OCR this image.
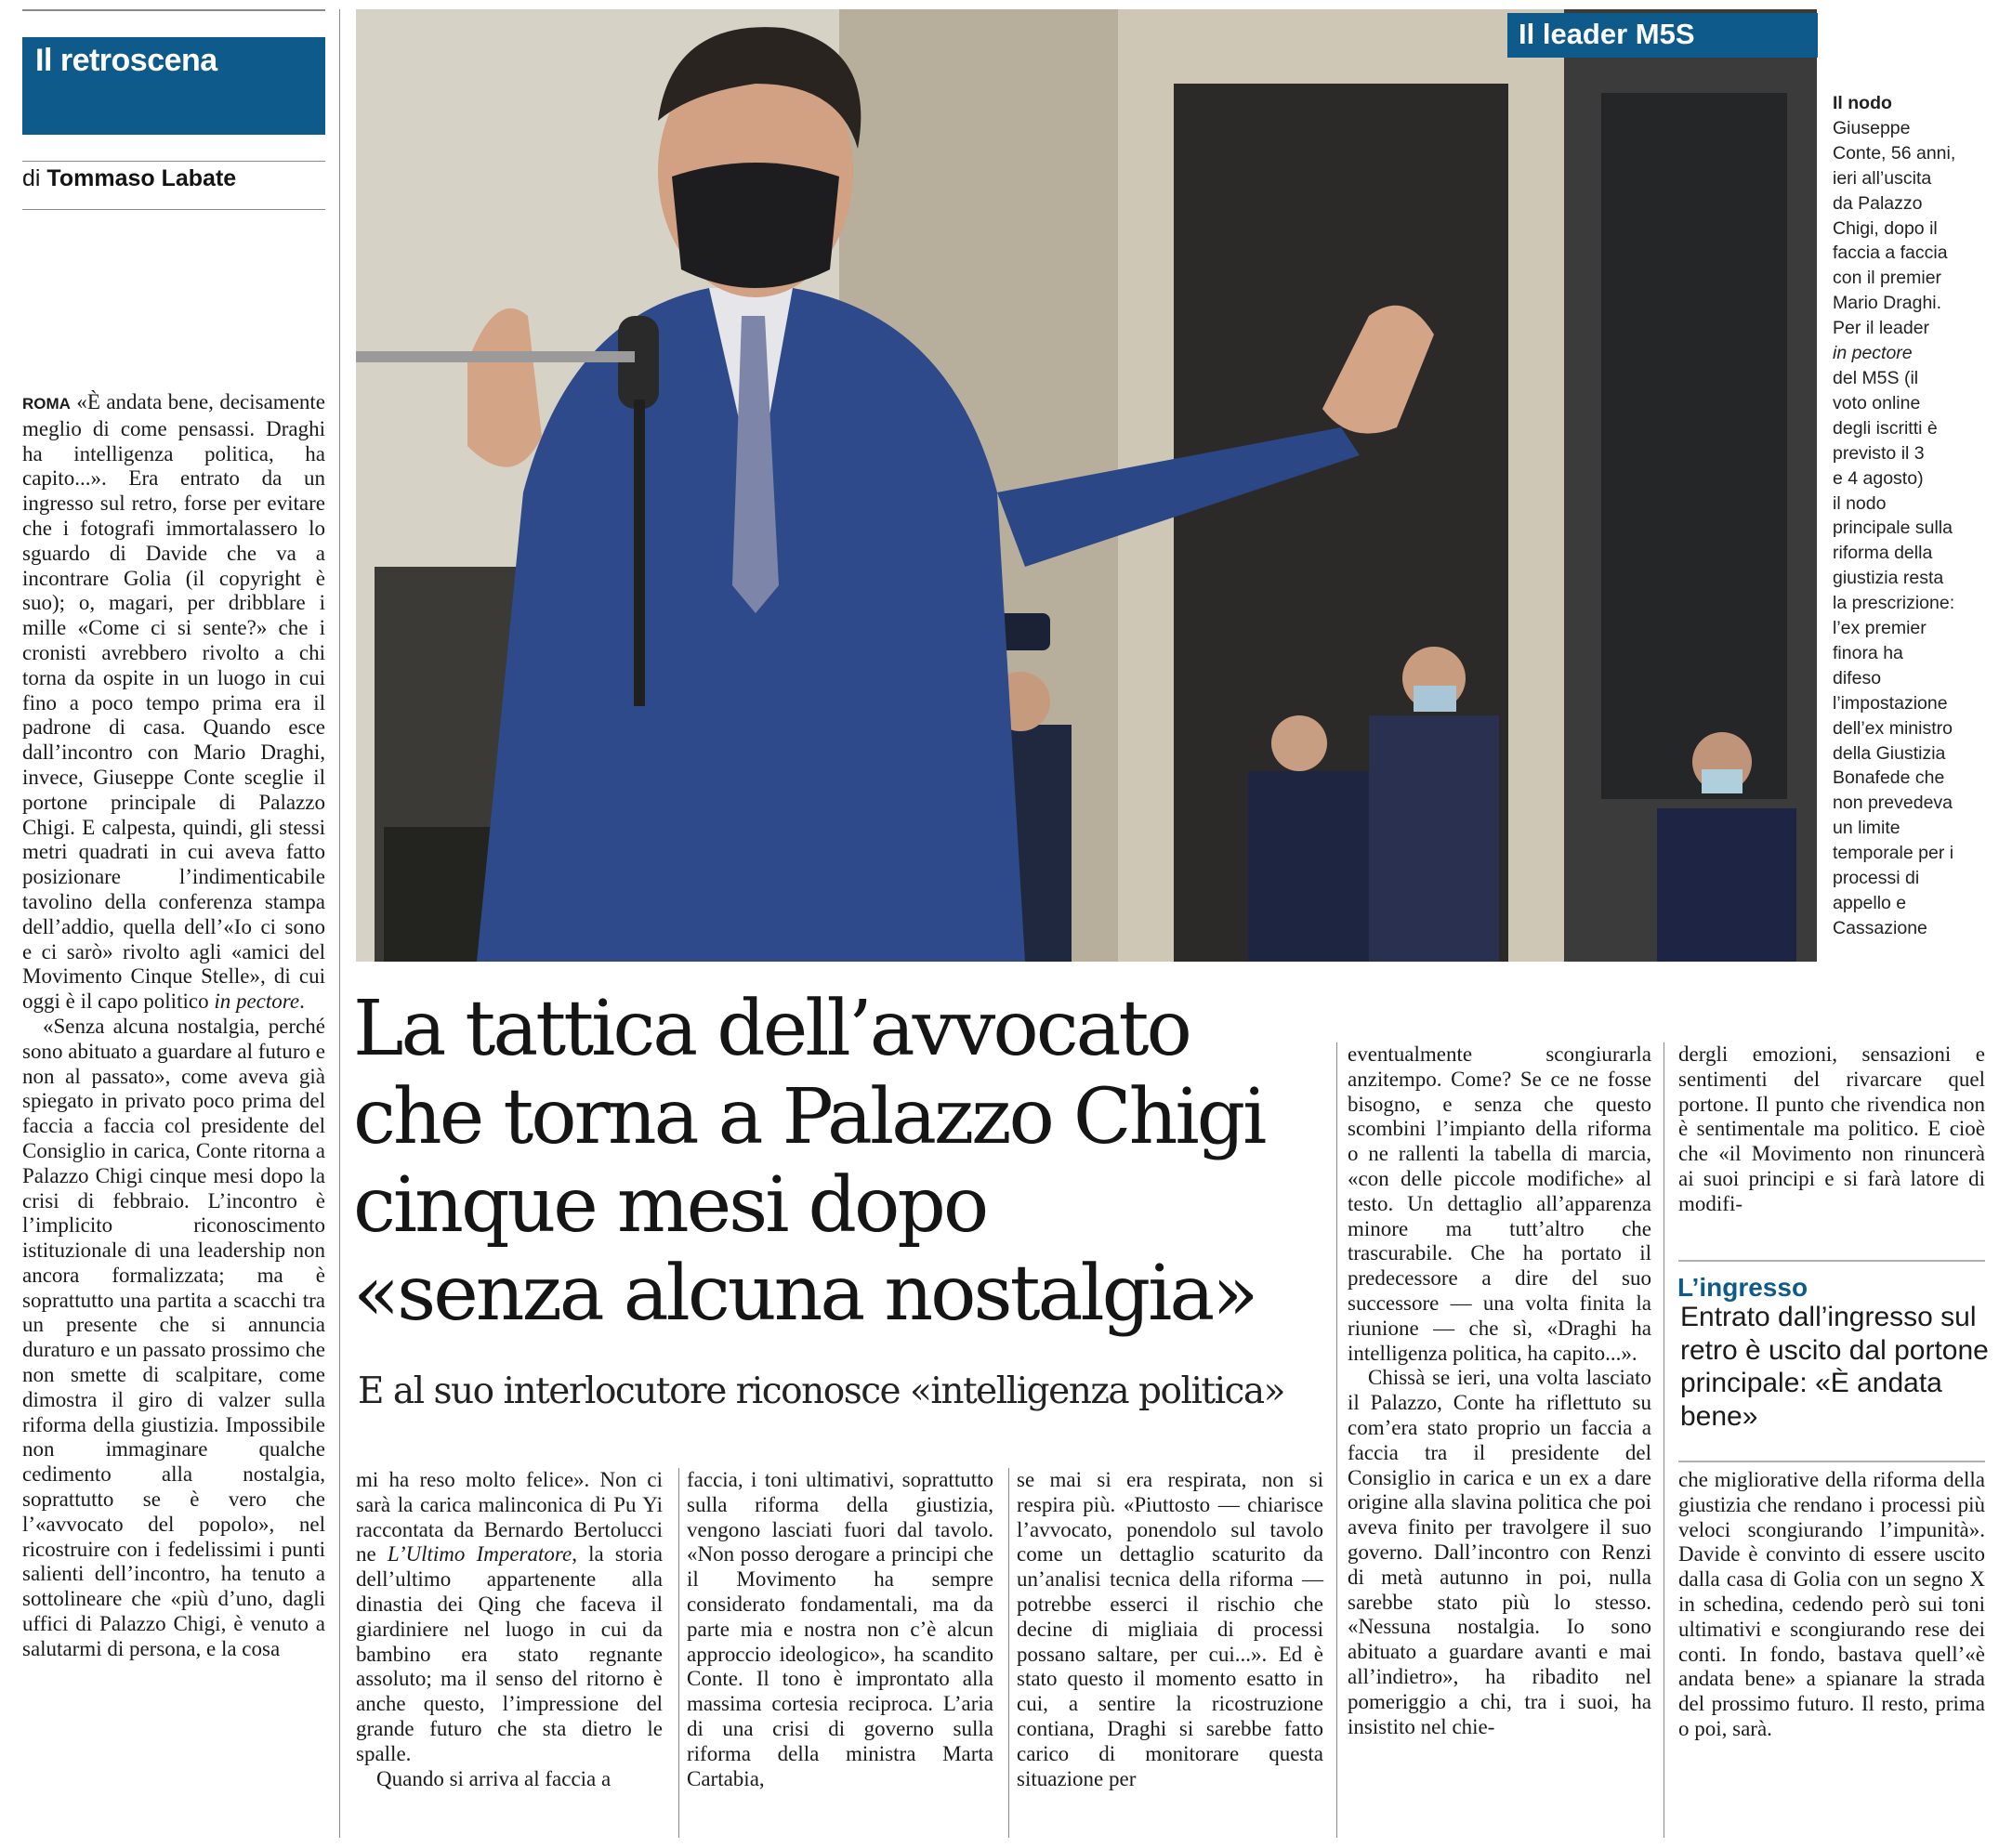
Il retroscena
di Tommaso Labate

ROMA «È andata bene, decisamente meglio di come pensassi. Draghi ha intelligenza politica, ha capito...». Era entrato da un ingresso sul retro, forse per evitare che i fotografi immortalassero lo sguardo di Davide che va a incontrare Golia (il copyright è suo); o, magari, per dribblare i mille «Come ci si sente?» che i cronisti avrebbero rivolto a chi torna da ospite in un luogo in cui fino a poco tempo prima era il padrone di casa. Quando esce dall’incontro con Mario Draghi, invece, Giuseppe Conte sceglie il portone principale di Palazzo Chigi. E calpesta, quindi, gli stessi metri quadrati in cui aveva fatto posizionare l’indimenticabile tavolino della conferenza stampa dell’addio, quella dell’«Io ci sono e ci sarò» rivolto agli «amici del Movimento Cinque Stelle», di cui oggi è il capo politico in pectore.

«Senza alcuna nostalgia, perché sono abituato a guardare al futuro e non al passato», come aveva già spiegato in privato poco prima del faccia a faccia col presidente del Consiglio in carica, Conte ritorna a Palazzo Chigi cinque mesi dopo la crisi di febbraio. L’incontro è l’implicito riconoscimento istituzionale di una leadership non ancora formalizzata; ma è soprattutto una partita a scacchi tra un presente che si annuncia duraturo e un passato prossimo che non smette di scalpitare, come dimostra il giro di valzer sulla riforma della giustizia. Impossibile non immaginare qualche cedimento alla nostalgia, soprattutto se è vero che l’«avvocato del popolo», nel ricostruire con i fedelissimi i punti salienti dell’incontro, ha tenuto a sottolineare che «più d’uno, dagli uffici di Palazzo Chigi, è venuto a salutarmi di persona, e la cosa

Il leader M5S
Il nodo
Giuseppe
Conte, 56 anni,
ieri all’uscita
da Palazzo
Chigi, dopo il
faccia a faccia
con il premier
Mario Draghi.
Per il leader
in pectore
del M5S (il
voto online
degli iscritti è
previsto il 3
e 4 agosto)
il nodo
principale sulla
riforma della
giustizia resta
la prescrizione:
l’ex premier
finora ha
difeso
l’impostazione
dell’ex ministro
della Giustizia
Bonafede che
non prevedeva
un limite
temporale per i
processi di
appello e
Cassazione
La tattica dell’avvocato
che torna a Palazzo Chigi
cinque mesi dopo
«senza alcuna nostalgia»
E al suo interlocutore riconosce «intelligenza politica»

mi ha reso molto felice». Non ci sarà la carica malinconica di Pu Yi raccontata da Bernardo Bertolucci ne L’Ultimo Imperatore, la storia dell’ultimo appartenente alla dinastia dei Qing che faceva il giardiniere nel luogo in cui da bambino era stato regnante assoluto; ma il senso del ritorno è anche questo, l’impressione del grande futuro che sta dietro le spalle.

Quando si arriva al faccia a

faccia, i toni ultimativi, soprattutto sulla riforma della giustizia, vengono lasciati fuori dal tavolo. «Non posso derogare a principi che il Movimento ha sempre considerato fondamentali, ma da parte mia e nostra non c’è alcun approccio ideologico», ha scandito Conte. Il tono è improntato alla massima cortesia reciproca. L’aria di una crisi di governo sulla riforma della ministra Marta Cartabia,

se mai si era respirata, non si respira più. «Piuttosto — chiarisce l’avvocato, ponendolo sul tavolo come un dettaglio scaturito da un’analisi tecnica della riforma — potrebbe esserci il rischio che decine di migliaia di processi possano saltare, per cui...». Ed è stato questo il momento esatto in cui, a sentire la ricostruzione contiana, Draghi si sarebbe fatto carico di monitorare questa situazione per

eventualmente scongiurarla anzitempo. Come? Se ce ne fosse bisogno, e senza che questo scombini l’impianto della riforma o ne rallenti la tabella di marcia, «con delle piccole modifiche» al testo. Un dettaglio all’apparenza minore ma tutt’altro che trascurabile. Che ha portato il predecessore a dire del suo successore — una volta finita la riunione — che sì, «Draghi ha intelligenza politica, ha capito...».

Chissà se ieri, una volta lasciato il Palazzo, Conte ha riflettuto su com’era stato proprio un faccia a faccia tra il presidente del Consiglio in carica e un ex a dare origine alla slavina politica che poi aveva finito per travolgere il suo governo. Dall’incontro con Renzi di metà autunno in poi, nulla sarebbe stato più lo stesso. «Nessuna nostalgia. Io sono abituato a guardare avanti e mai all’indietro», ha ribadito nel pomeriggio a chi, tra i suoi, ha insistito nel chie-

dergli emozioni, sensazioni e sentimenti del rivarcare quel portone. Il punto che rivendica non è sentimentale ma politico. E cioè che «il Movimento non rinuncerà ai suoi principi e si farà latore di modifi-

L’ingresso
Entrato dall’ingresso sul retro è uscito dal portone principale: «È andata bene»

che migliorative della riforma della giustizia che rendano i processi più veloci scongiurando l’impunità». Davide è convinto di essere uscito dalla casa di Golia con un segno X in schedina, cedendo però sui toni ultimativi e scongiurando rese dei conti. In fondo, bastava quell’«è andata bene» a spianare la strada del prossimo futuro. Il resto, prima o poi, sarà.
